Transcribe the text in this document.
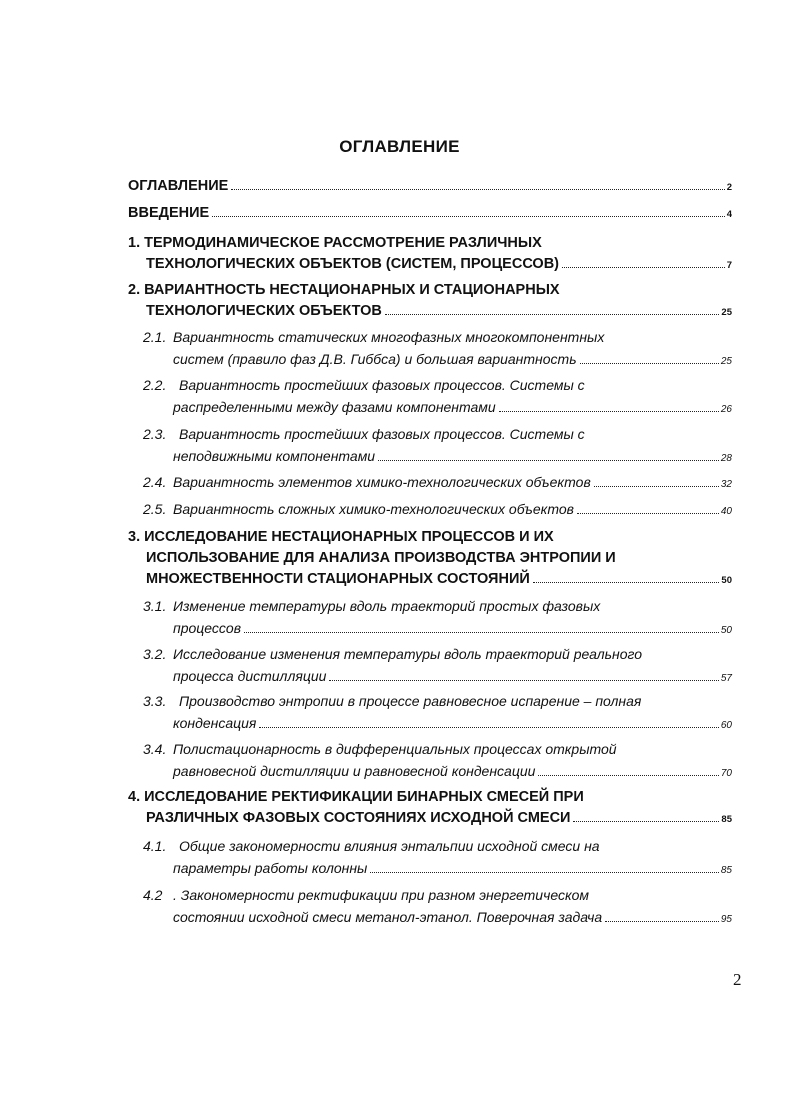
ОГЛАВЛЕНИЕ
ОГЛАВЛЕНИЕ	2
ВВЕДЕНИЕ	4
1. ТЕРМОДИНАМИЧЕСКОЕ РАССМОТРЕНИЕ РАЗЛИЧНЫХ
ТЕХНОЛОГИЧЕСКИХ ОБЪЕКТОВ (СИСТЕМ, ПРОЦЕССОВ)	7
2. ВАРИАНТНОСТЬ НЕСТАЦИОНАРНЫХ И СТАЦИОНАРНЫХ
ТЕХНОЛОГИЧЕСКИХ ОБЪЕКТОВ	25
2.1. Вариантность статических многофазных многокомпонентных
систем (правило фаз Д.В. Гиббса) и большая вариантность	25
2.2. Вариантность простейших фазовых процессов. Системы с
распределенными между фазами компонентами	26
2.3. Вариантность простейших фазовых процессов. Системы с
неподвижными компонентами	28
2.4. Вариантность элементов химико-технологических объектов	32
2.5. Вариантность сложных химико-технологических объектов	40
3. ИССЛЕДОВАНИЕ НЕСТАЦИОНАРНЫХ ПРОЦЕССОВ И ИХ
ИСПОЛЬЗОВАНИЕ ДЛЯ АНАЛИЗА ПРОИЗВОДСТВА ЭНТРОПИИ И
МНОЖЕСТВЕННОСТИ СТАЦИОНАРНЫХ СОСТОЯНИЙ	50
3.1. Изменение температуры вдоль траекторий простых фазовых
процессов	50
3.2. Исследование изменения температуры вдоль траекторий реального
процесса дистилляции	57
3.3. Производство энтропии в процессе равновесное испарение – полная
конденсация	60
3.4. Полистационарность в дифференциальных процессах открытой
равновесной дистилляции и равновесной конденсации	70
4. ИССЛЕДОВАНИЕ РЕКТИФИКАЦИИ БИНАРНЫХ СМЕСЕЙ ПРИ
РАЗЛИЧНЫХ ФАЗОВЫХ СОСТОЯНИЯХ ИСХОДНОЙ СМЕСИ	85
4.1. Общие закономерности влияния энтальпии исходной смеси на
параметры работы колонны	85
4.2 . Закономерности ректификации при разном энергетическом
состоянии исходной смеси метанол-этанол. Поверочная задача	95
2
